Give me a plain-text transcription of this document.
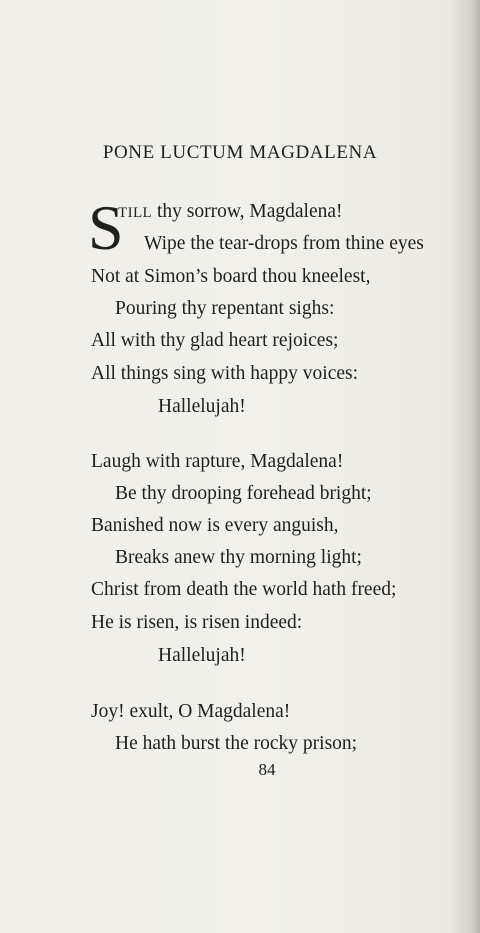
PONE LUCTUM MAGDALENA
S

TILL thy sorrow, Magdalena!

Wipe the tear-drops from thine eyes

Not at Simon’s board thou kneelest,

Pouring thy repentant sighs:

All with thy glad heart rejoices;

All things sing with happy voices:

Hallelujah!

Laugh with rapture, Magdalena!

Be thy drooping forehead bright;

Banished now is every anguish,

Breaks anew thy morning light;

Christ from death the world hath freed;

He is risen, is risen indeed:

Hallelujah!

Joy! exult, O Magdalena!

He hath burst the rocky prison;

84
